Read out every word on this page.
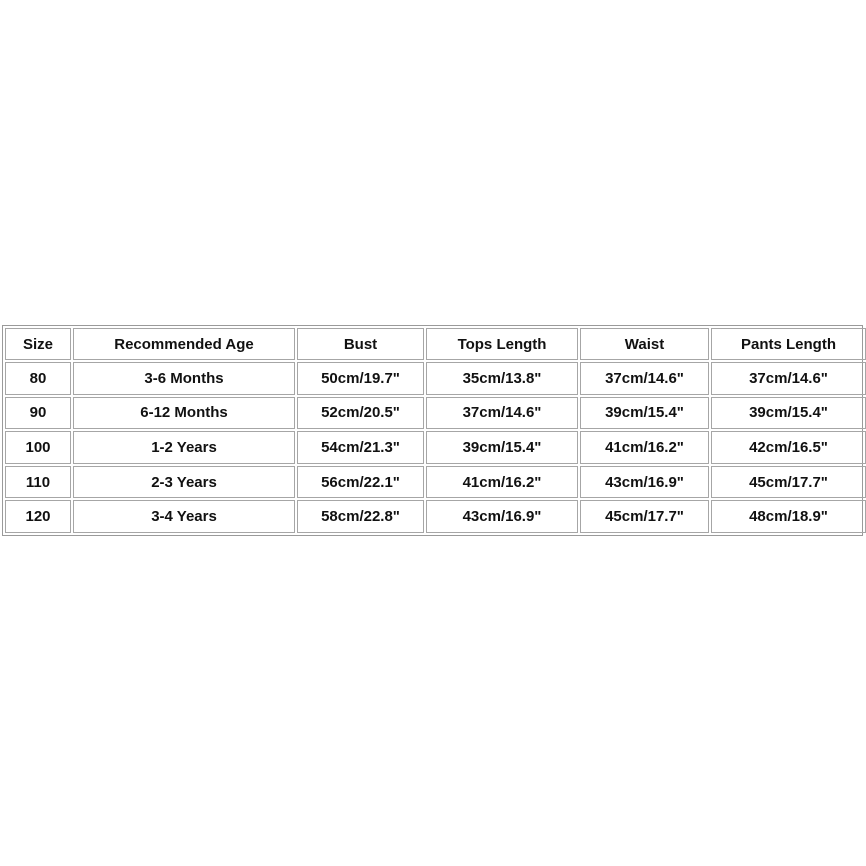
Size	Recommended Age	Bust	Tops Length	Waist	Pants Length
80	3-6 Months	50cm/19.7"	35cm/13.8"	37cm/14.6"	37cm/14.6"
90	6-12 Months	52cm/20.5"	37cm/14.6"	39cm/15.4"	39cm/15.4"
100	1-2 Years	54cm/21.3"	39cm/15.4"	41cm/16.2"	42cm/16.5"
110	2-3 Years	56cm/22.1"	41cm/16.2"	43cm/16.9"	45cm/17.7"
120	3-4 Years	58cm/22.8"	43cm/16.9"	45cm/17.7"	48cm/18.9"
